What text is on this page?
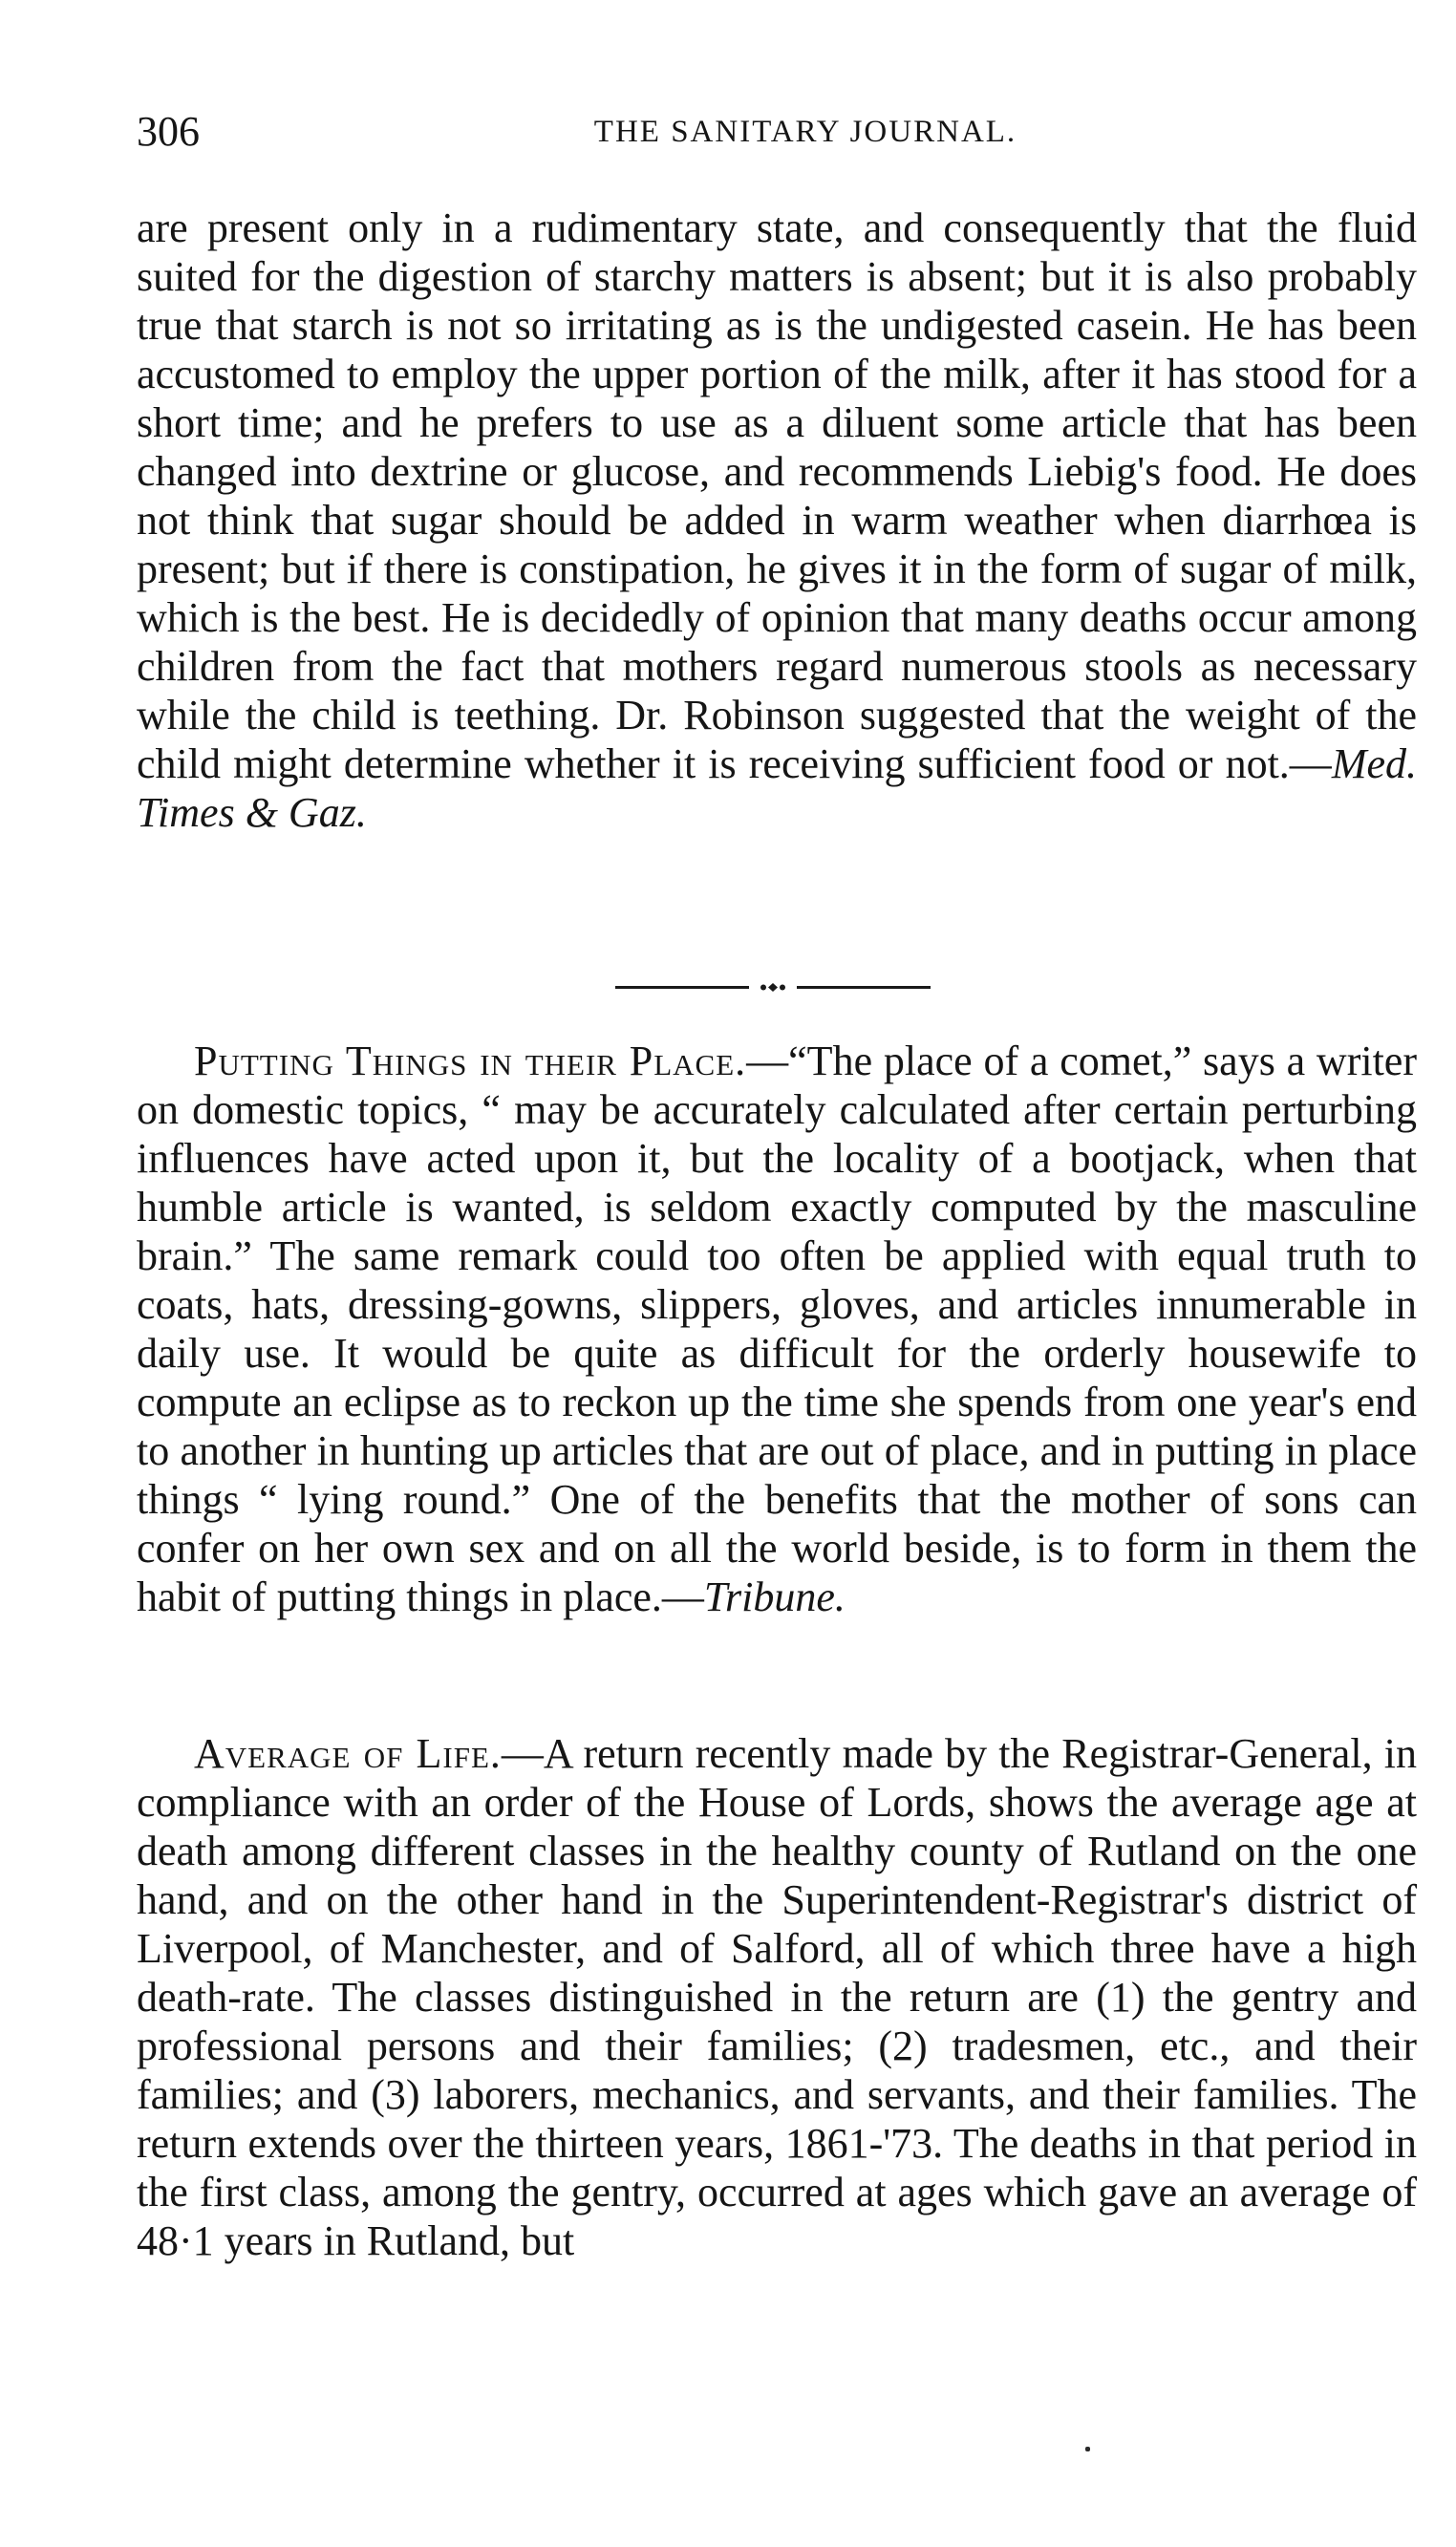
306	THE SANITARY JOURNAL.

are present only in a rudimentary state, and consequently that the fluid suited for the digestion of starchy matters is absent; but it is also probably true that starch is not so irritating as is the undigested casein. He has been accustomed to employ the upper portion of the milk, after it has stood for a short time; and he prefers to use as a diluent some article that has been changed into dextrine or glucose, and recommends Liebig's food. He does not think that sugar should be added in warm weather when diarrhœa is present; but if there is constipation, he gives it in the form of sugar of milk, which is the best. He is decidedly of opinion that many deaths occur among children from the fact that mothers regard numerous stools as necessary while the child is teething. Dr. Robinson suggested that the weight of the child might determine whether it is receiving sufficient food or not.—Med. Times & Gaz.

Putting Things in their Place.—“The place of a comet,” says a writer on domestic topics, “ may be accurately calculated after certain perturbing influences have acted upon it, but the locality of a bootjack, when that humble article is wanted, is seldom exactly computed by the masculine brain.” The same remark could too often be applied with equal truth to coats, hats, dressing-gowns, slippers, gloves, and articles innumerable in daily use. It would be quite as difficult for the orderly housewife to compute an eclipse as to reckon up the time she spends from one year's end to another in hunting up articles that are out of place, and in putting in place things “ lying round.” One of the benefits that the mother of sons can confer on her own sex and on all the world beside, is to form in them the habit of putting things in place.—Tribune.

Average of Life.—A return recently made by the Registrar-General, in compliance with an order of the House of Lords, shows the average age at death among different classes in the healthy county of Rutland on the one hand, and on the other hand in the Superintendent-Registrar's district of Liverpool, of Manchester, and of Salford, all of which three have a high death-rate. The classes distinguished in the return are (1) the gentry and professional persons and their families; (2) tradesmen, etc., and their families; and (3) laborers, mechanics, and servants, and their families. The return extends over the thirteen years, 1861-'73. The deaths in that period in the first class, among the gentry, occurred at ages which gave an average of 48·1 years in Rutland, but
